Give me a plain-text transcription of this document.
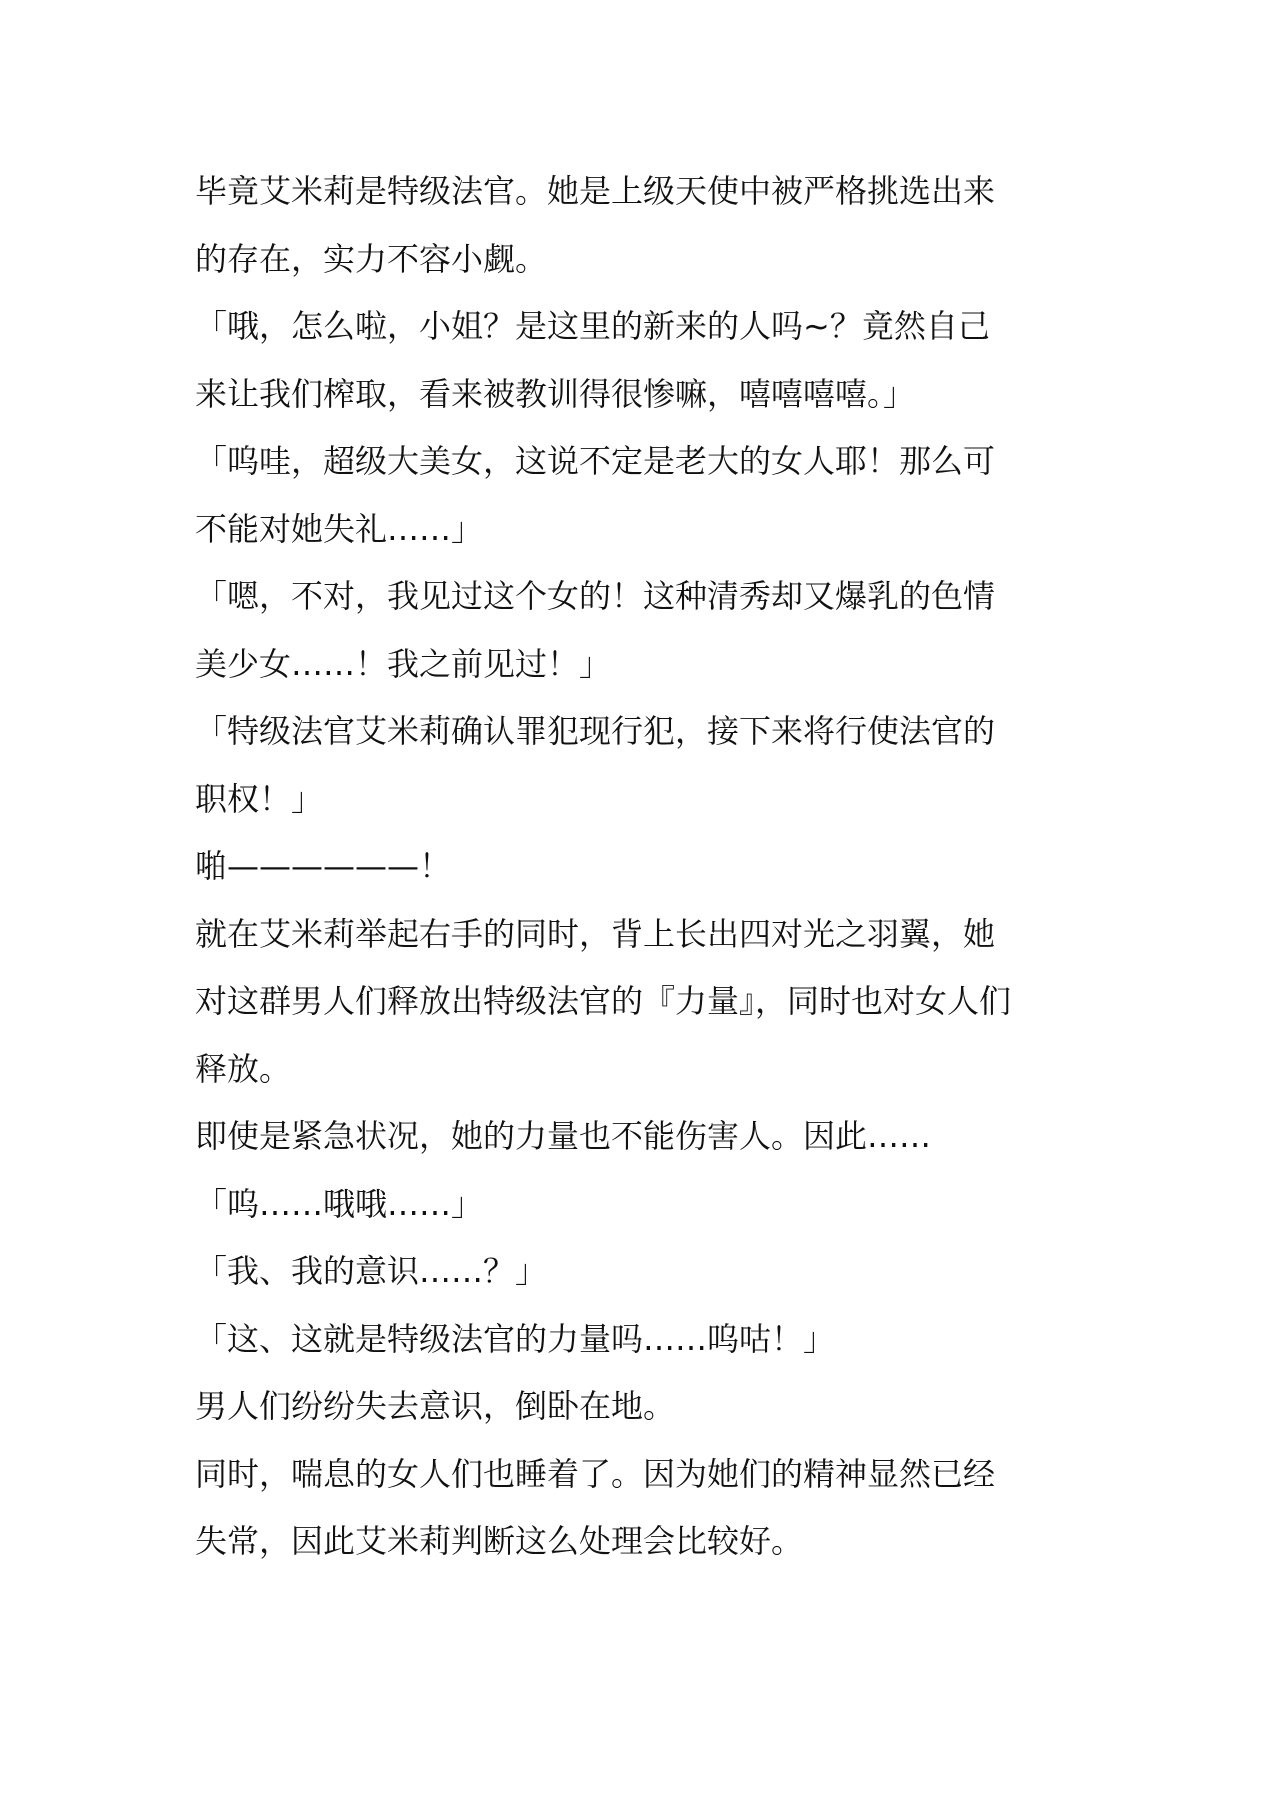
毕竟艾米莉是特级法官。她是上级天使中被严格挑选出来

的存在，实力不容小觑。

「哦，怎么啦，小姐？是这里的新来的人吗~？竟然自己

来让我们榨取，看来被教训得很惨嘛，嘻嘻嘻嘻。」

「呜哇，超级大美女，这说不定是老大的女人耶！那么可

不能对她失礼……」

「嗯，不对，我见过这个女的！这种清秀却又爆乳的色情

美少女……！我之前见过！」

「特级法官艾米莉确认罪犯现行犯，接下来将行使法官的

职权！」

啪——————！

就在艾米莉举起右手的同时，背上长出四对光之羽翼，她

对这群男人们释放出特级法官的『力量』，同时也对女人们

释放。

即使是紧急状况，她的力量也不能伤害人。因此……

「呜……哦哦……」

「我、我的意识……？」

「这、这就是特级法官的力量吗……呜咕！」

男人们纷纷失去意识，倒卧在地。

同时，喘息的女人们也睡着了。因为她们的精神显然已经

失常，因此艾米莉判断这么处理会比较好。
